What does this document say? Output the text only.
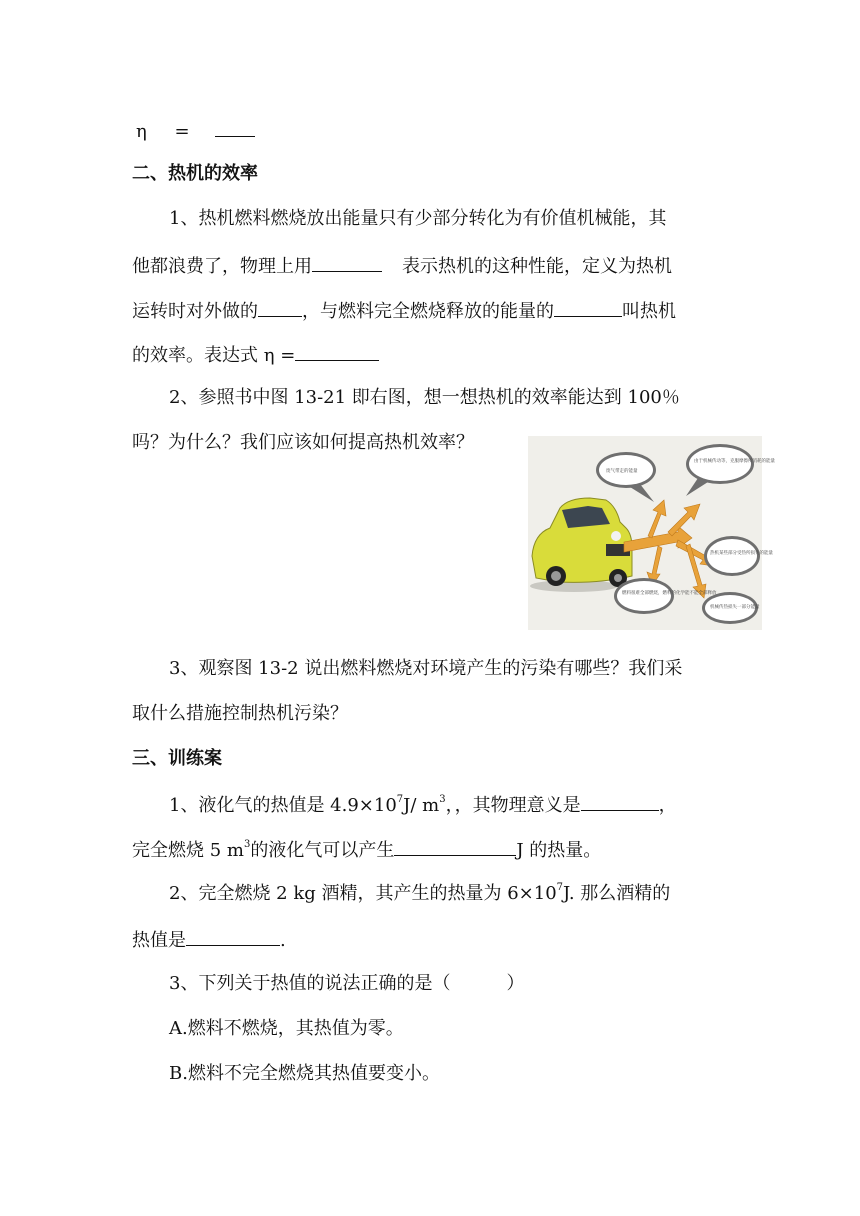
η =
二、热机的效率
1、热机燃料燃烧放出能量只有少部分转化为有价值机械能，其
他都浪费了，物理上用	表示热机的这种性能，定义为热机
运转时对外做的 ，与燃料完全燃烧释放的能量的	叫热机
的效率。表达式 η =
2、参照书中图 13-21 即右图，想一想热机的效率能达到 100％
吗？为什么？我们应该如何提高热机效率？
废气带走的能量
由于机械传动等，克服摩擦所消耗的能量
热机某些部分受热所损失的能量
燃料很难全部燃烧，燃料的化学能不能全部释放
机械传热损失一部分能量
3、观察图 13-2 说出燃料燃烧对环境产生的污染有哪些？我们采
取什么措施控制热机污染？
三、训练案
1、液化气的热值是 $4.9\times 10^7J/$ $m^3$，，其物理意义是	，
完全燃烧 5 $m^3$的液化气可以产生	J 的热量。
2、完全燃烧 2 kg 酒精，其产生的热量为 $6\times 10^7J$. 那么酒精的
热值是	.
3、下列关于热值的说法正确的是（	）
A.燃料不燃烧，其热值为零。
B.燃料不完全燃烧其热值要变小。
